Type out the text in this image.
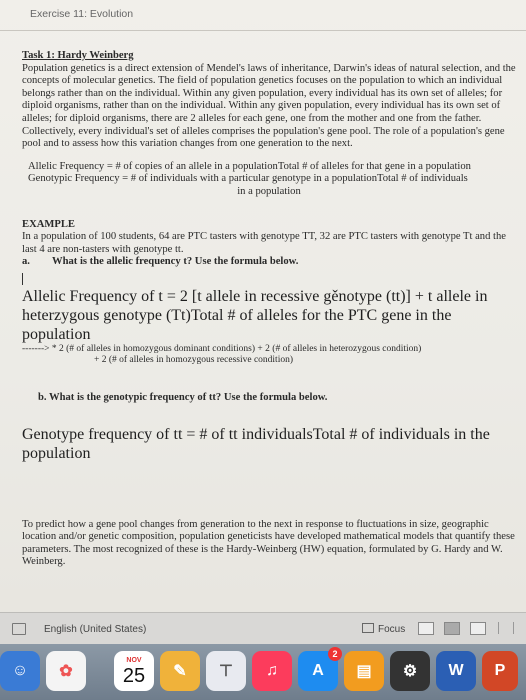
Exercise 11: Evolution
Task 1: Hardy Weinberg

Population genetics is a direct extension of Mendel's laws of inheritance, Darwin's ideas of natural selection, and the concepts of molecular genetics. The field of population genetics focuses on the population to which an individual belongs rather than on the individual. Within any given population, every individual has its own set of alleles; for diploid organisms, rather than on the individual. Within any given population, every individual has its own set of alleles; for diploid organisms, there are 2 alleles for each gene, one from the mother and one from the father. Collectively, every individual's set of alleles comprises the population's gene pool. The role of a population's gene pool and to assess how this variation changes from one generation to the next.

Allelic Frequency = # of copies of an allele in a populationTotal # of alleles for that gene in a population
Genotypic Frequency = # of individuals with a particular genotype in a populationTotal # of individuals
in a population
EXAMPLE

In a population of 100 students, 64 are PTC tasters with genotype TT, 32 are PTC tasters with genotype Tt and the last 4 are non-tasters with genotype tt.

a.	What is the allelic frequency t? Use the formula below.
Allelic Frequency of t = 2 [t allele in recessive gěnotype (tt)] + t allele in
heterzygous genotype (Tt)Total # of alleles for the PTC gene in the
population
-------> * 2 (# of alleles in homozygous dominant conditions) + 2 (# of alleles in heterozygous condition)
+ 2 (# of alleles in homozygous recessive condition)
b. What is the genotypic frequency of tt? Use the formula below.
Genotype frequency of tt = # of tt individualsTotal # of individuals in the population

To predict how a gene pool changes from generation to the next in response to fluctuations in size, geographic location and/or genetic composition, population geneticists have developed mathematical models that quantify these parameters. The most recognized of these is the Hardy-Weinberg (HW) equation, formulated by G. Hardy and W. Weinberg.

English (United States)	Focus
☺	✿
NOV
25	✎	⊤	♫	A
2
▤	⚙	W	P
